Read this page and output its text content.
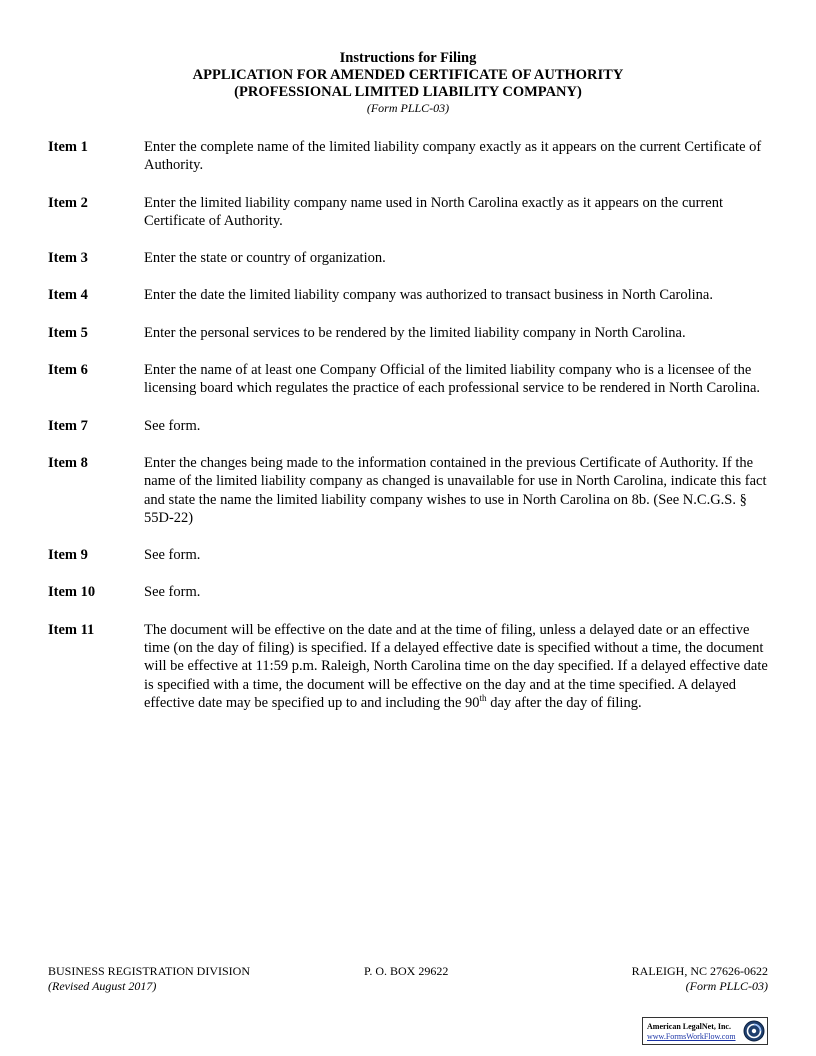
Instructions for Filing
APPLICATION FOR AMENDED CERTIFICATE OF AUTHORITY
(PROFESSIONAL LIMITED LIABILITY COMPANY)
(Form PLLC-03)
Item 1	Enter the complete name of the limited liability company exactly as it appears on the current Certificate of Authority.
Item 2	Enter the limited liability company name used in North Carolina exactly as it appears on the current Certificate of Authority.
Item 3	Enter the state or country of organization.
Item 4	Enter the date the limited liability company was authorized to transact business in North Carolina.
Item 5	Enter the personal services to be rendered by the limited liability company in North Carolina.
Item 6	Enter the name of at least one Company Official of the limited liability company who is a licensee of the licensing board which regulates the practice of each professional service to be rendered in North Carolina.
Item 7	See form.
Item 8	Enter the changes being made to the information contained in the previous Certificate of Authority. If the name of the limited liability company as changed is unavailable for use in North Carolina, indicate this fact and state the name the limited liability company wishes to use in North Carolina on 8b. (See N.C.G.S. § 55D-22)
Item 9	See form.
Item 10	See form.
Item 11	The document will be effective on the date and at the time of filing, unless a delayed date or an effective time (on the day of filing) is specified. If a delayed effective date is specified without a time, the document will be effective at 11:59 p.m. Raleigh, North Carolina time on the day specified. If a delayed effective date is specified with a time, the document will be effective on the day and at the time specified. A delayed effective date may be specified up to and including the 90th day after the day of filing.
BUSINESS REGISTRATION DIVISION	P. O. BOX 29622	RALEIGH, NC 27626-0622
(Revised August 2017)	(Form PLLC-03)
American LegalNet, Inc.
www.FormsWorkFlow.com
